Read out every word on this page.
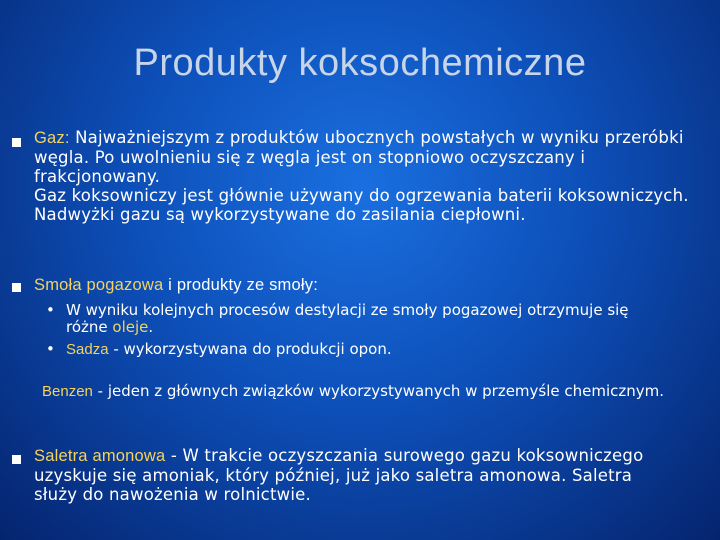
Produkty koksochemiczne
Gaz: Najważniejszym z produktów ubocznych powstałych w wyniku przeróbki węgla. Po uwolnieniu się z węgla jest on stopniowo oczyszczany i frakcjonowany.
Gaz koksowniczy jest głównie używany do ogrzewania baterii koksowniczych. Nadwyżki gazu są wykorzystywane do zasilania ciepłowni.
Smoła pogazowa i produkty ze smoły:
• W wyniku kolejnych procesów destylacji ze smoły pogazowej otrzymuje się różne oleje.
• Sadza - wykorzystywana do produkcji opon.
Benzen - jeden z głównych związków wykorzystywanych w przemyśle chemicznym.
Saletra amonowa - W trakcie oczyszczania surowego gazu koksowniczego uzyskuje się amoniak, który później, już jako saletra amonowa. Saletra służy do nawożenia w rolnictwie.
